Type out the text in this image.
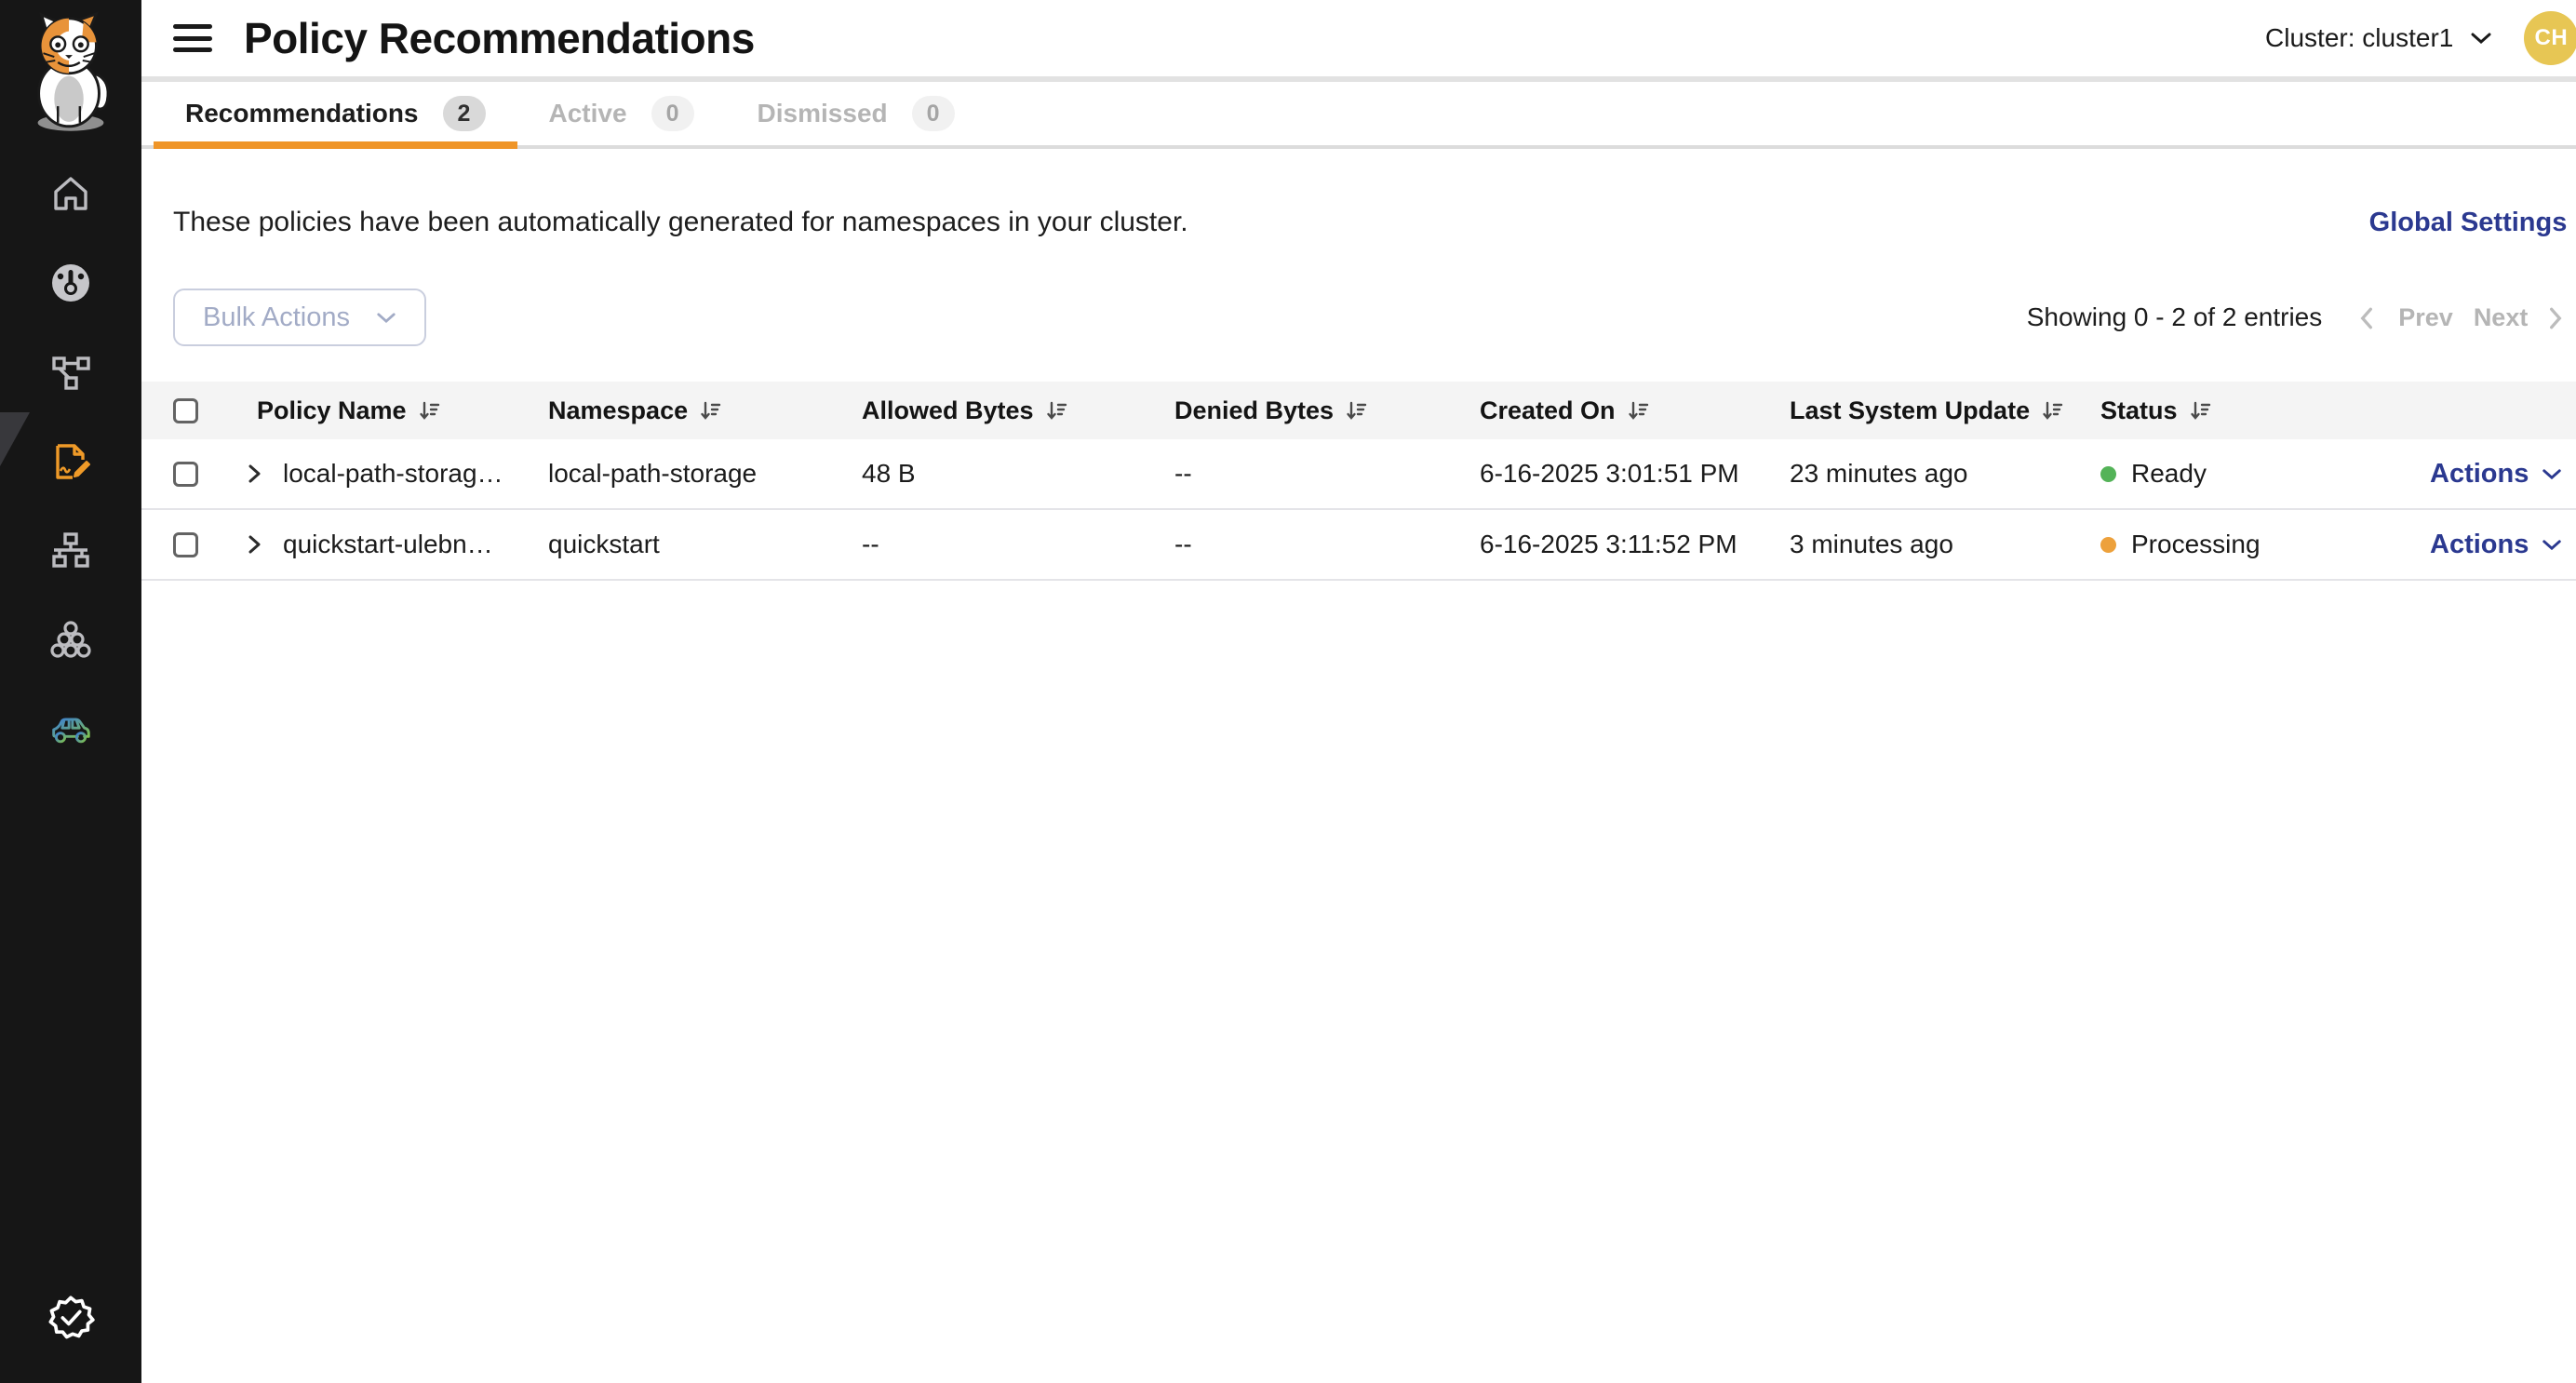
Policy Recommendations	Cluster: cluster1	CH
Recommendations	2	Active	0	Dismissed	0

These policies have been automatically generated for namespaces in your cluster.	Global Settings
Bulk Actions	Showing 0 - 2 of 2 entries	Prev Next
Policy Name	Namespace	Allowed Bytes	Denied Bytes	Created On	Last System Update	Status
local-path-storag…	local-path-storage	48 B	--	6-16-2025 3:01:51 PM	23 minutes ago	Ready	Actions
quickstart-ulebn…	quickstart	--	--	6-16-2025 3:11:52 PM	3 minutes ago	Processing	Actions
